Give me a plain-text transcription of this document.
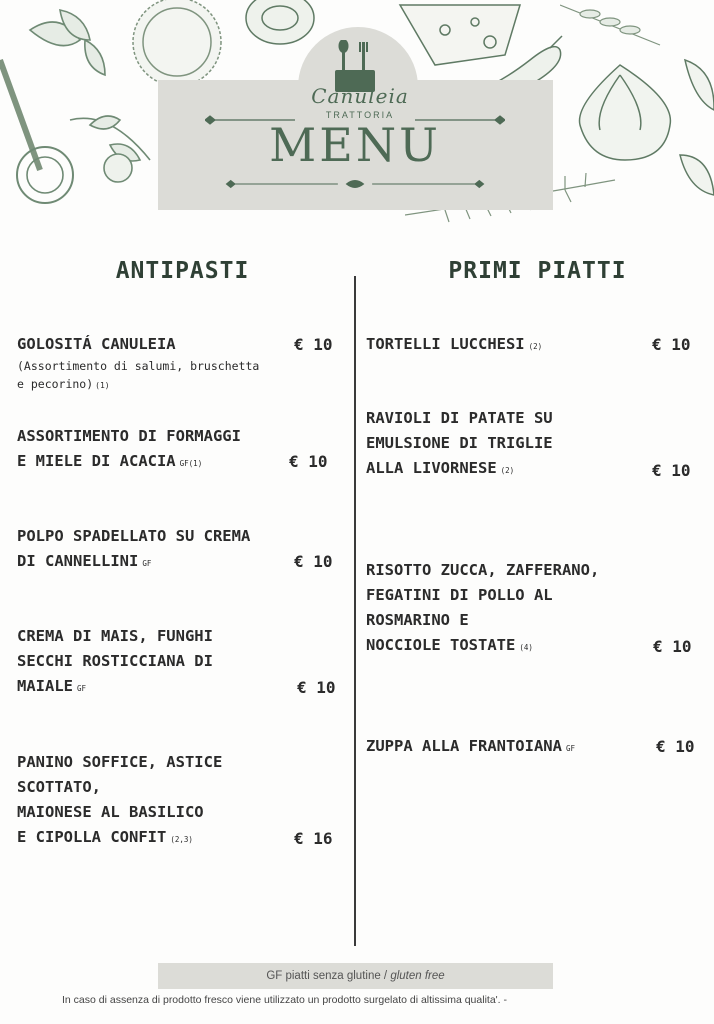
Canuleia
TRATTORIA
MENU
ANTIPASTI	PRIMI PIATTI
GOLOSITÁ CANULEIA
(Assortimento di salumi, bruschetta
e pecorino) (1)
€ 10
ASSORTIMENTO DI FORMAGGI
E MIELE DI ACACIA GF(1)	€ 10
POLPO SPADELLATO SU CREMA
DI CANNELLINI GF	€ 10
CREMA DI MAIS, FUNGHI
SECCHI ROSTICCIANA DI
MAIALE GF	€ 10
PANINO SOFFICE, ASTICE
SCOTTATO,
MAIONESE AL BASILICO
E CIPOLLA CONFIT (2,3)	€ 16
TORTELLI LUCCHESI (2)	€ 10
RAVIOLI DI PATATE SU
EMULSIONE DI TRIGLIE
ALLA LIVORNESE (2)	€ 10
RISOTTO ZUCCA, ZAFFERANO,
FEGATINI DI POLLO AL
ROSMARINO E
NOCCIOLE TOSTATE (4)	€ 10
ZUPPA ALLA FRANTOIANA GF	€ 10
GF piatti senza glutine / gluten free
In caso di assenza di prodotto fresco viene utilizzato un prodotto surgelato di altissima qualita'. -
